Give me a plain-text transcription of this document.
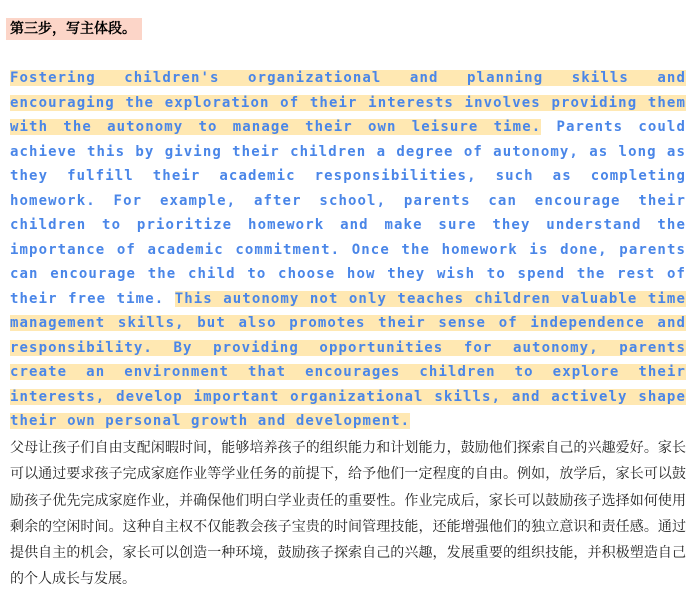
第三步，写主体段。

Fostering children's organizational and planning skills and encouraging the exploration of their interests involves providing them with the autonomy to manage their own leisure time. Parents could achieve this by giving their children a degree of autonomy, as long as they fulfill their academic responsibilities, such as completing homework. For example, after school, parents can encourage their children to prioritize homework and make sure they understand the importance of academic commitment. Once the homework is done, parents can encourage the child to choose how they wish to spend the rest of their free time. This autonomy not only teaches children valuable time management skills, but also promotes their sense of independence and responsibility. By providing opportunities for autonomy, parents create an environment that encourages children to explore their interests, develop important organizational skills, and actively shape their own personal growth and development.

父母让孩子们自由支配闲暇时间，能够培养孩子的组织能力和计划能力，鼓励他们探索自己的兴趣爱好。家长可以通过要求孩子完成家庭作业等学业任务的前提下，给予他们一定程度的自由。例如，放学后，家长可以鼓励孩子优先完成家庭作业，并确保他们明白学业责任的重要性。作业完成后，家长可以鼓励孩子选择如何使用剩余的空闲时间。这种自主权不仅能教会孩子宝贵的时间管理技能，还能增强他们的独立意识和责任感。通过提供自主的机会，家长可以创造一种环境，鼓励孩子探索自己的兴趣，发展重要的组织技能，并积极塑造自己的个人成长与发展。
